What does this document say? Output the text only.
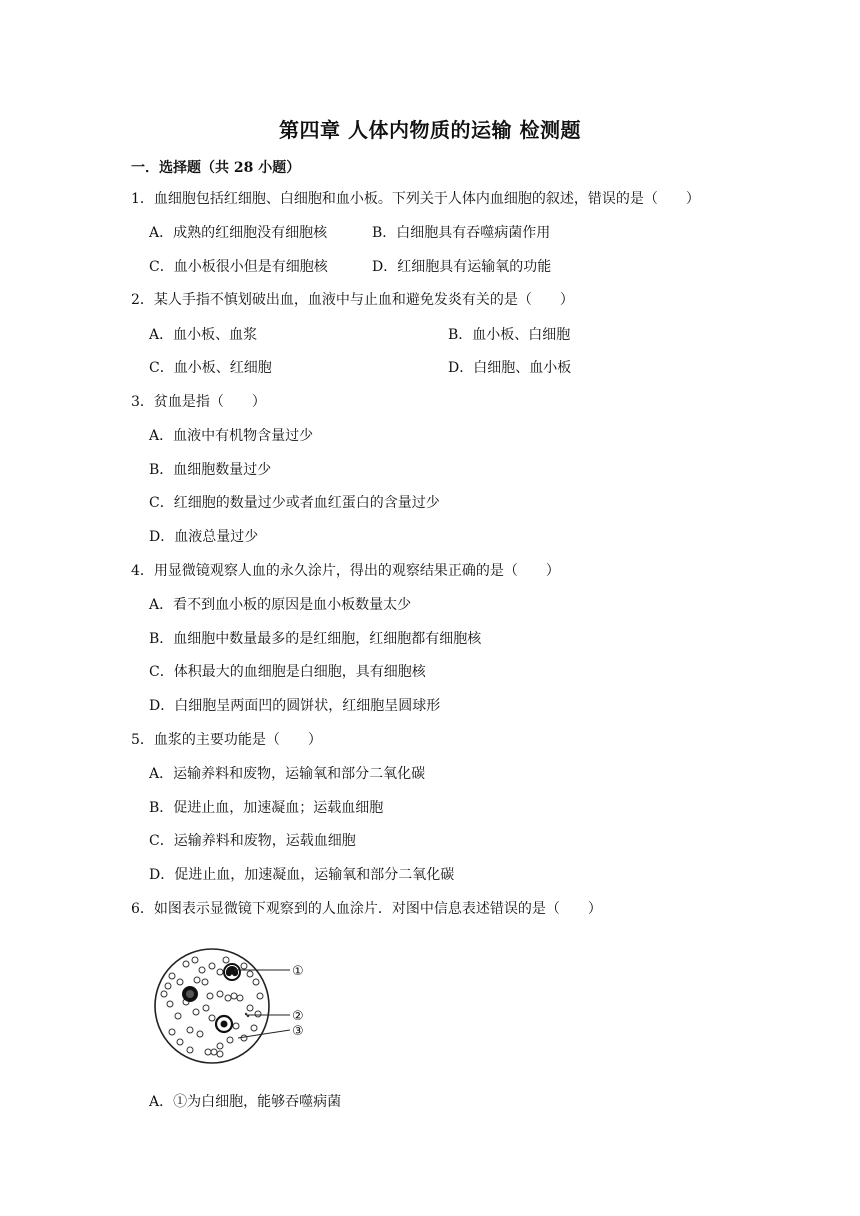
第四章 人体内物质的运输 检测题
一．选择题（共 28 小题）
1．血细胞包括红细胞、白细胞和血小板。下列关于人体内血细胞的叙述，错误的是（　　）
A．成熟的红细胞没有细胞核	B．白细胞具有吞噬病菌作用
C．血小板很小但是有细胞核	D．红细胞具有运输氧的功能
2．某人手指不慎划破出血，血液中与止血和避免发炎有关的是（　　）
A．血小板、血浆	B．血小板、白细胞
C．血小板、红细胞	D．白细胞、血小板
3．贫血是指（　　）
A．血液中有机物含量过少
B．血细胞数量过少
C．红细胞的数量过少或者血红蛋白的含量过少
D．血液总量过少
4．用显微镜观察人血的永久涂片，得出的观察结果正确的是（　　）
A．看不到血小板的原因是血小板数量太少
B．血细胞中数量最多的是红细胞，红细胞都有细胞核
C．体积最大的血细胞是白细胞，具有细胞核
D．白细胞呈两面凹的圆饼状，红细胞呈圆球形
5．血浆的主要功能是（　　）
A．运输养料和废物，运输氧和部分二氧化碳
B．促进止血，加速凝血；运载血细胞
C．运输养料和废物，运载血细胞
D．促进止血，加速凝血，运输氧和部分二氧化碳
6．如图表示显微镜下观察到的人血涂片．对图中信息表述错误的是（　　）
①
②
③
A．①为白细胞，能够吞噬病菌
